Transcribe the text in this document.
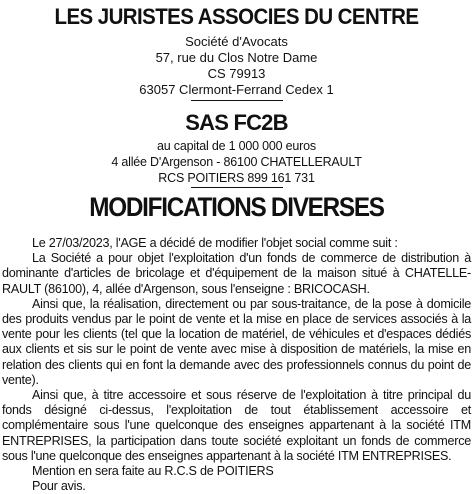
LES JURISTES ASSOCIES DU CENTRE
Société d'Avocats
57, rue du Clos Notre Dame
CS 79913
63057 Clermont-Ferrand Cedex 1
SAS FC2B
au capital de 1 000 000 euros
4 allée D'Argenson - 86100 CHATELLERAULT
RCS POITIERS 899 161 731
MODIFICATIONS DIVERSES

Le 27/03/2023, l'AGE a décidé de modifier l'objet social comme suit :

La Société a pour objet l'exploitation d'un fonds de commerce de distribution à dominante d'articles de bricolage et d'équipement de la maison situé à CHATELLE-RAULT (86100), 4, allée d'Argenson, sous l'enseigne : BRICOCASH.

Ainsi que, la réalisation, directement ou par sous-traitance, de la pose à domicile des produits vendus par le point de vente et la mise en place de services associés à la vente pour les clients (tel que la location de matériel, de véhicules et d'espaces dédiés aux clients et sis sur le point de vente avec mise à disposition de matériels, la mise en relation des clients qui en font la demande avec des professionnels connus du point de vente).

Ainsi que, à titre accessoire et sous réserve de l'exploitation à titre principal du fonds désigné ci-dessus, l'exploitation de tout établissement accessoire et complémentaire sous l'une quelconque des enseignes appartenant à la société ITM ENTREPRISES, la participation dans toute société exploitant un fonds de commerce sous l'une quelconque des enseignes appartenant à la société ITM ENTREPRISES.

Mention en sera faite au R.C.S de POITIERS

Pour avis.
